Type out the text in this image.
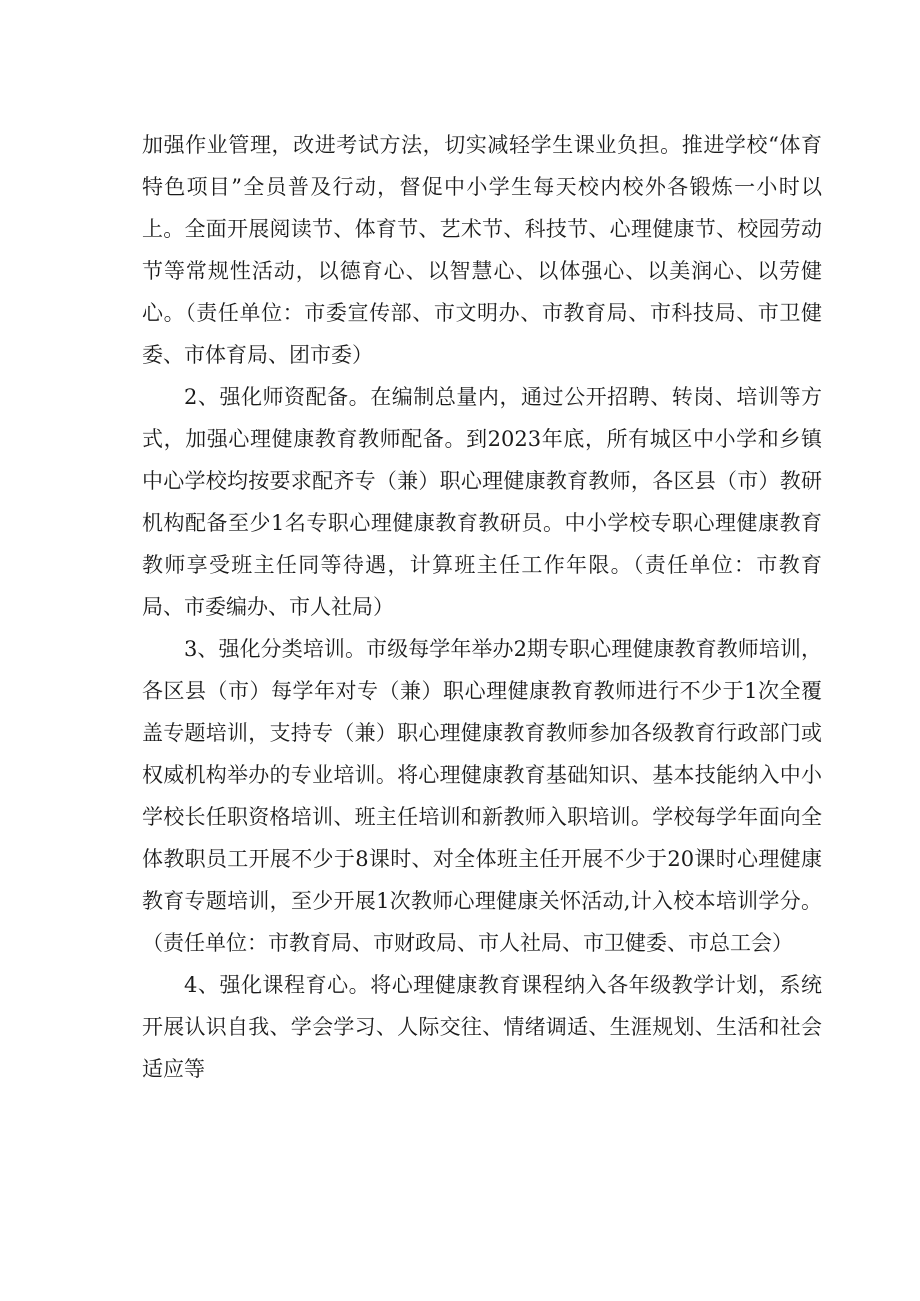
加强作业管理，改进考试方法，切实减轻学生课业负担。推进学校“体育特色项目”全员普及行动，督促中小学生每天校内校外各锻炼一小时以上。全面开展阅读节、体育节、艺术节、科技节、心理健康节、校园劳动节等常规性活动，以德育心、以智慧心、以体强心、以美润心、以劳健心。（责任单位：市委宣传部、市文明办、市教育局、市科技局、市卫健委、市体育局、团市委）

2、强化师资配备。在编制总量内，通过公开招聘、转岗、培训等方式，加强心理健康教育教师配备。到2023年底，所有城区中小学和乡镇中心学校均按要求配齐专（兼）职心理健康教育教师，各区县（市）教研机构配备至少1名专职心理健康教育教研员。中小学校专职心理健康教育教师享受班主任同等待遇，计算班主任工作年限。（责任单位：市教育局、市委编办、市人社局）

3、强化分类培训。市级每学年举办2期专职心理健康教育教师培训，各区县（市）每学年对专（兼）职心理健康教育教师进行不少于1次全覆盖专题培训，支持专（兼）职心理健康教育教师参加各级教育行政部门或权威机构举办的专业培训。将心理健康教育基础知识、基本技能纳入中小学校长任职资格培训、班主任培训和新教师入职培训。学校每学年面向全体教职员工开展不少于8课时、对全体班主任开展不少于20课时心理健康教育专题培训，至少开展1次教师心理健康关怀活动,计入校本培训学分。（责任单位：市教育局、市财政局、市人社局、市卫健委、市总工会）

4、强化课程育心。将心理健康教育课程纳入各年级教学计划，系统开展认识自我、学会学习、人际交往、情绪调适、生涯规划、生活和社会适应等
